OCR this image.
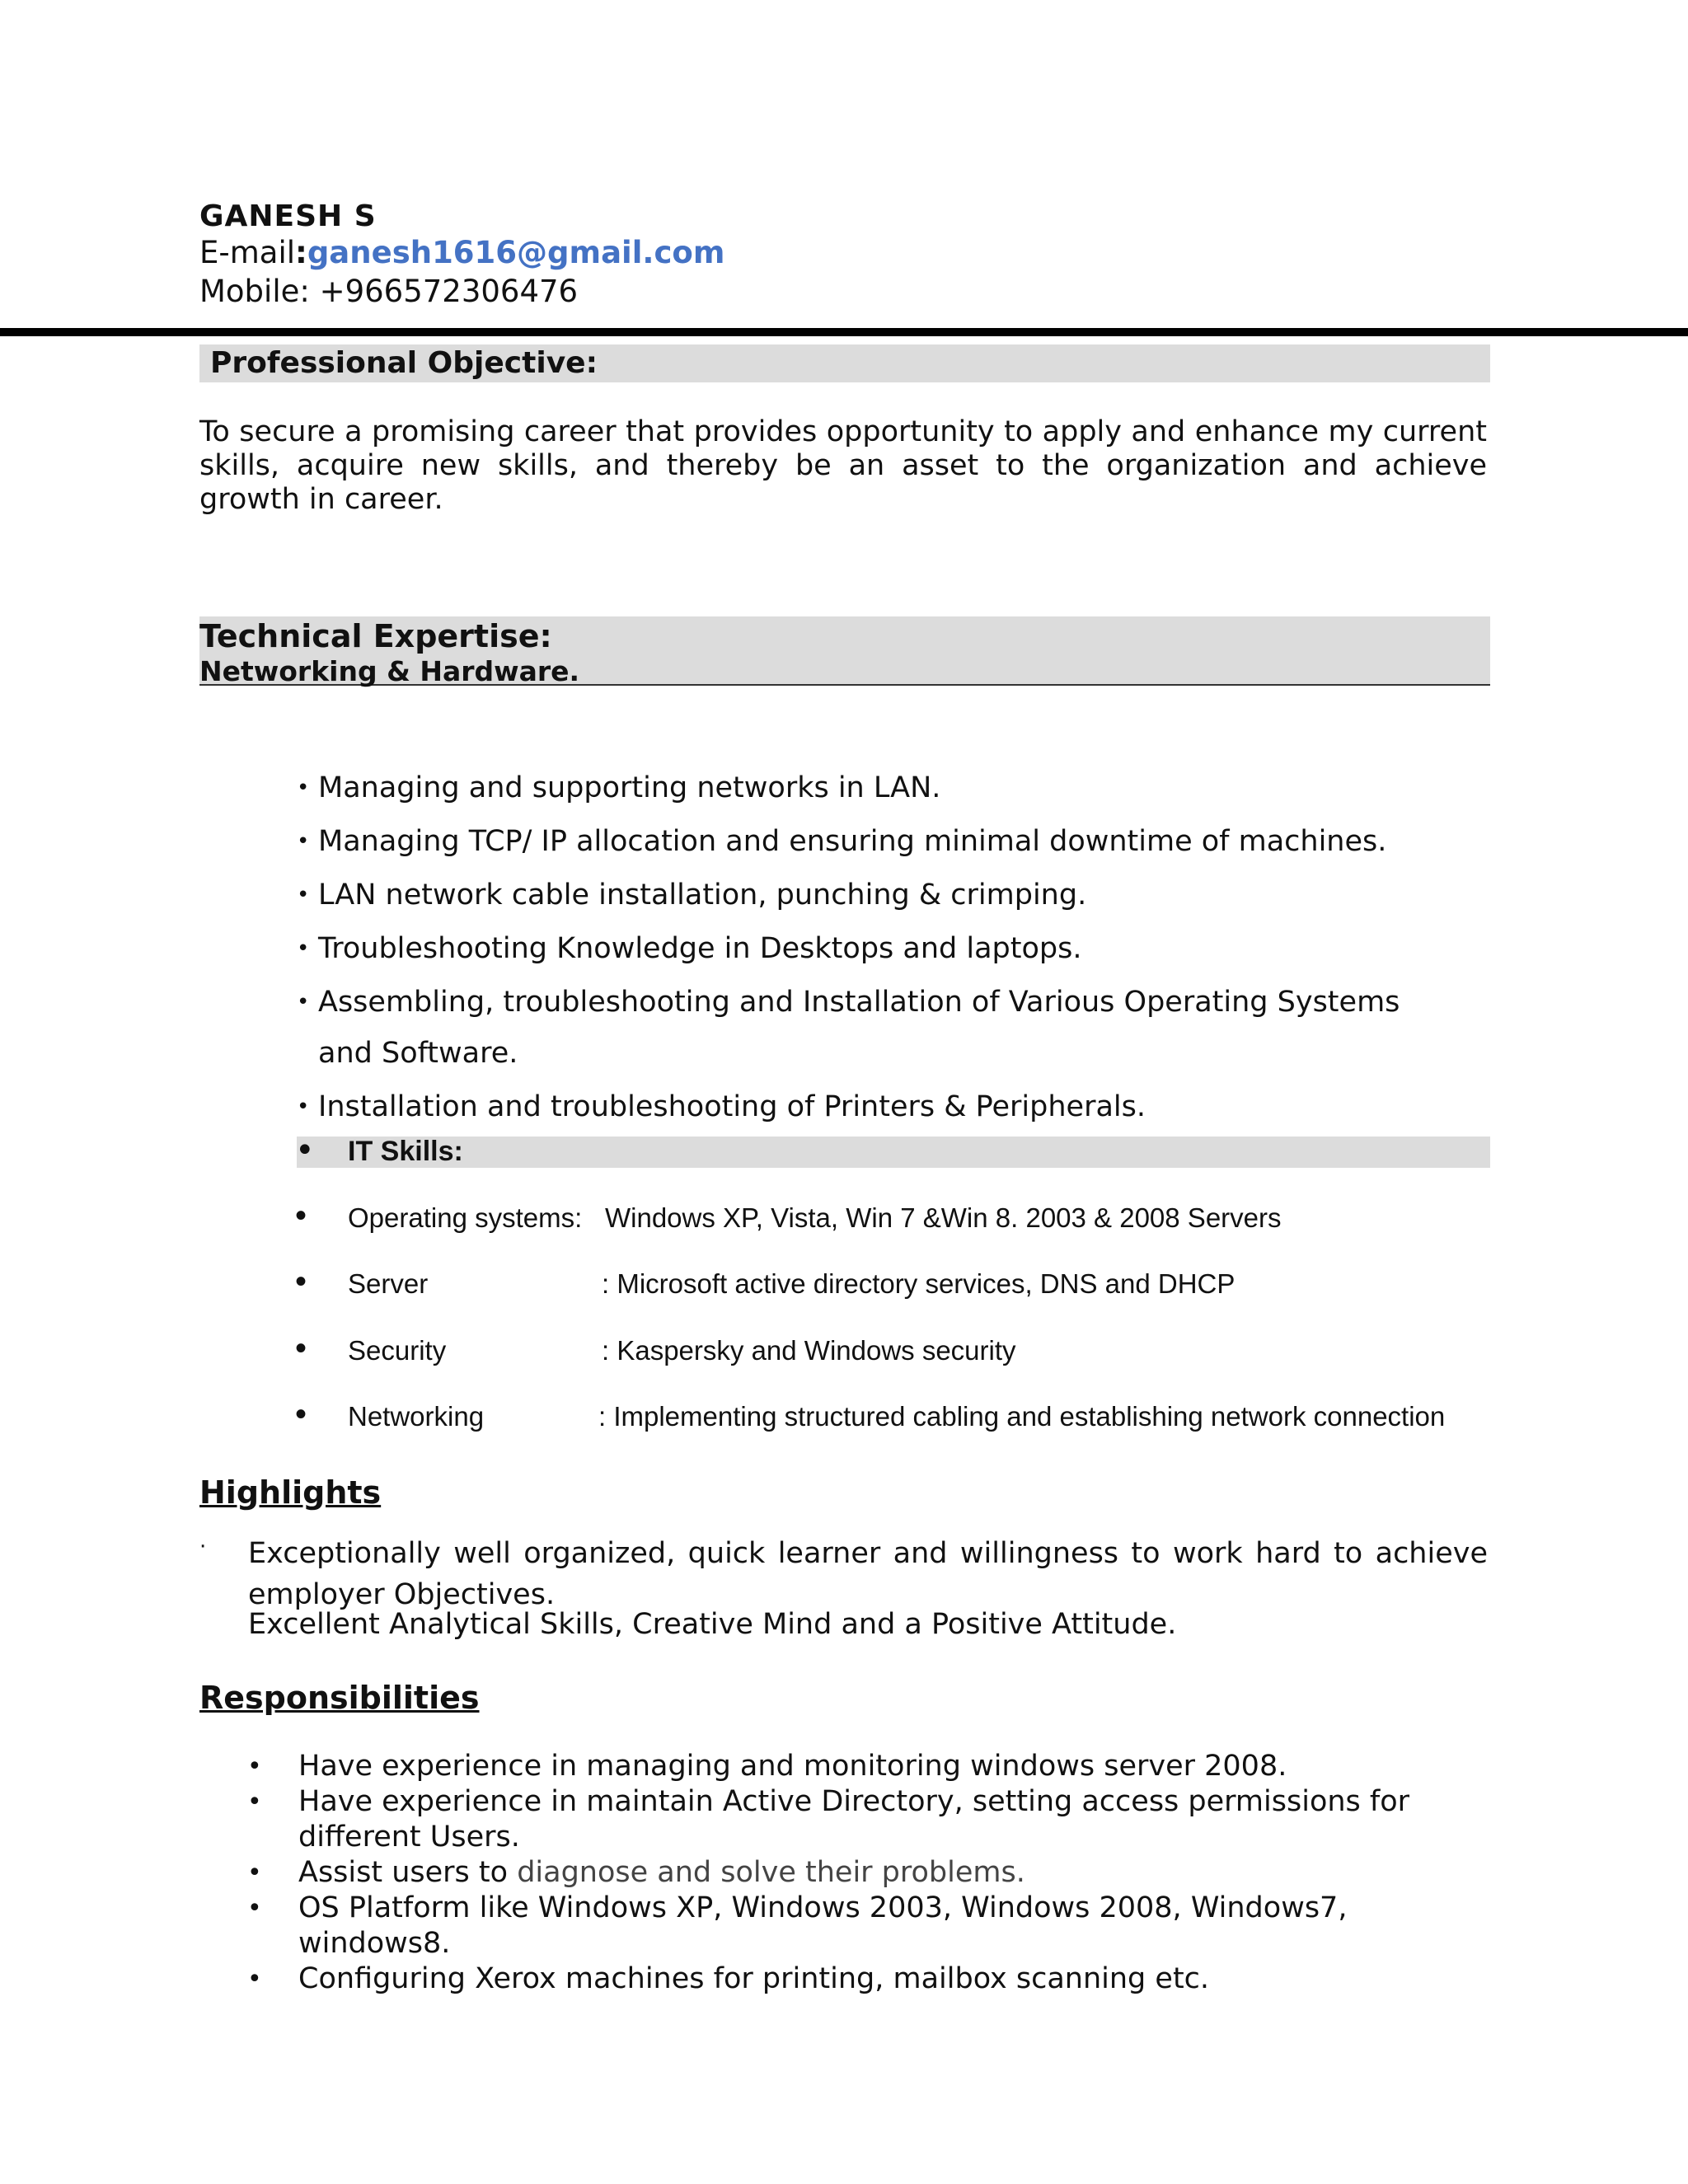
GANESH S
E-mail:ganesh1616@gmail.com
Mobile: +966572306476
Professional Objective:
To secure a promising career that provides opportunity to apply and enhance my current skills, acquire new skills, and thereby be an asset to the organization and achieve growth in career.
Technical Expertise:
Networking & Hardware.
• Managing and supporting networks in LAN.
• Managing TCP/ IP allocation and ensuring minimal downtime of machines.
• LAN network cable installation, punching & crimping.
• Troubleshooting Knowledge in Desktops and laptops.
• Assembling, troubleshooting and Installation of Various Operating Systems and Software.
• Installation and troubleshooting of Printers & Peripherals.
• IT Skills:
• Operating systems: Windows XP, Vista, Win 7 &Win 8. 2003 & 2008 Servers
• Server	: Microsoft active directory services, DNS and DHCP
• Security	: Kaspersky and Windows security
• Networking	: Implementing structured cabling and establishing network connection
Highlights
· Exceptionally well organized, quick learner and willingness to work hard to achieve employer Objectives.
Excellent Analytical Skills, Creative Mind and a Positive Attitude.
Responsibilities
• Have experience in managing and monitoring windows server 2008.
• Have experience in maintain Active Directory, setting access permissions for different Users.
• Assist users to diagnose and solve their problems.
• OS Platform like Windows XP, Windows 2003, Windows 2008, Windows7, windows8.
• Configuring Xerox machines for printing, mailbox scanning etc.
